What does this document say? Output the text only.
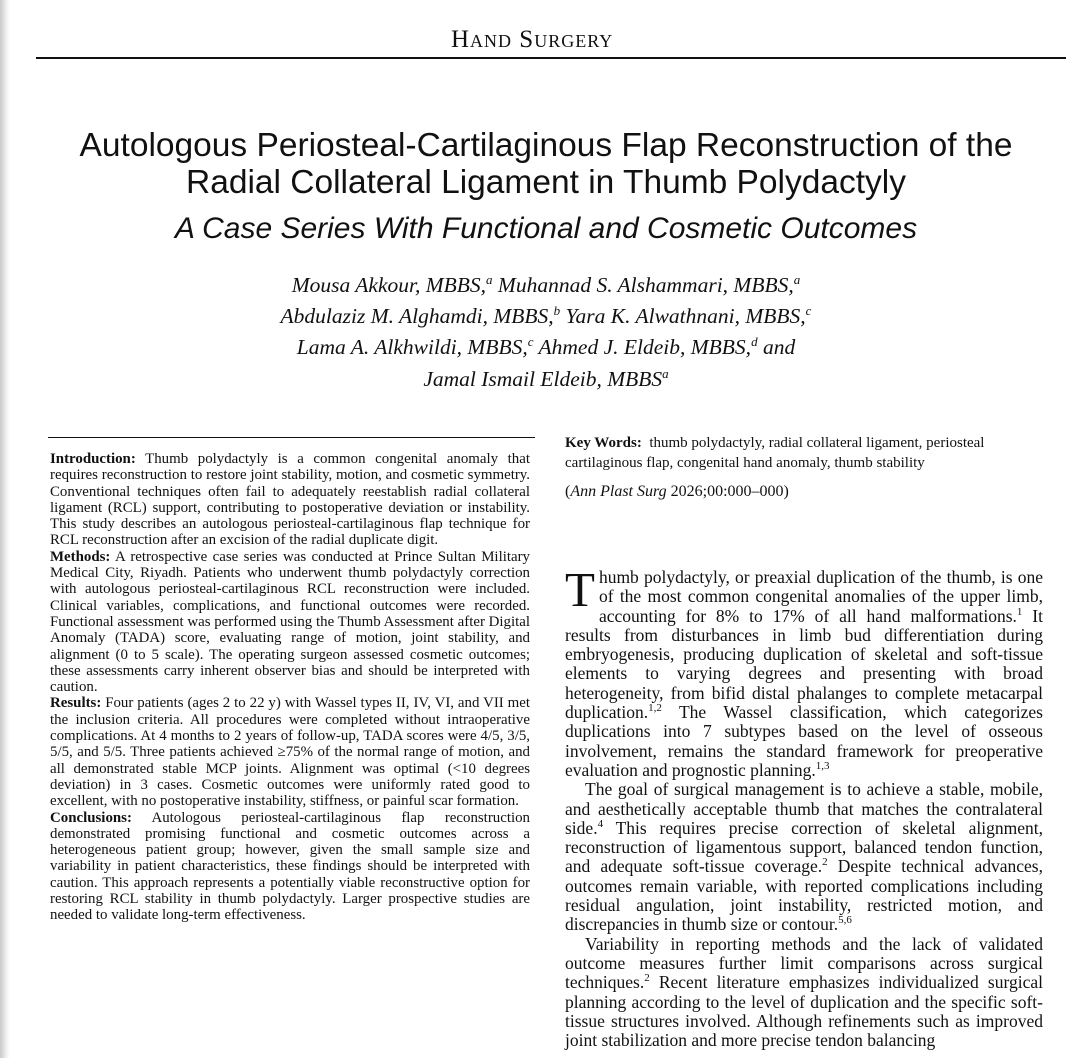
Hand Surgery
Autologous Periosteal-Cartilaginous Flap Reconstruction of the Radial Collateral Ligament in Thumb Polydactyly
A Case Series With Functional and Cosmetic Outcomes
Mousa Akkour, MBBS,$^a$ Muhannad S. Alshammari, MBBS,$^a$
Abdulaziz M. Alghamdi, MBBS,$^b$ Yara K. Alwathnani, MBBS,$^c$
Lama A. Alkhwildi, MBBS,$^c$ Ahmed J. Eldeib, MBBS,$^d$ and
Jamal Ismail Eldeib, MBBS$^a$

Introduction: Thumb polydactyly is a common congenital anomaly that requires reconstruction to restore joint stability, motion, and cosmetic symmetry. Conventional techniques often fail to adequately reestablish radial collateral ligament (RCL) support, contributing to postoperative deviation or instability. This study describes an autologous periosteal-cartilaginous flap technique for RCL reconstruction after an excision of the radial duplicate digit.

Methods: A retrospective case series was conducted at Prince Sultan Military Medical City, Riyadh. Patients who underwent thumb polydactyly correction with autologous periosteal-cartilaginous RCL reconstruction were included. Clinical variables, complications, and functional outcomes were recorded. Functional assessment was performed using the Thumb Assessment after Digital Anomaly (TADA) score, evaluating range of motion, joint stability, and alignment (0 to 5 scale). The operating surgeon assessed cosmetic outcomes; these assessments carry inherent observer bias and should be interpreted with caution.

Results: Four patients (ages 2 to 22 y) with Wassel types II, IV, VI, and VII met the inclusion criteria. All procedures were completed without intraoperative complications. At 4 months to 2 years of follow-up, TADA scores were 4/5, 3/5, 5/5, and 5/5. Three patients achieved ≥75% of the normal range of motion, and all demonstrated stable MCP joints. Alignment was optimal (<10 degrees deviation) in 3 cases. Cosmetic outcomes were uniformly rated good to excellent, with no postoperative instability, stiffness, or painful scar formation.

Conclusions: Autologous periosteal-cartilaginous flap reconstruction demonstrated promising functional and cosmetic outcomes across a heterogeneous patient group; however, given the small sample size and variability in patient characteristics, these findings should be interpreted with caution. This approach represents a potentially viable reconstructive option for restoring RCL stability in thumb polydactyly. Larger prospective studies are needed to validate long-term effectiveness.

Key Words: thumb polydactyly, radial collateral ligament, periosteal cartilaginous flap, congenital hand anomaly, thumb stability
(Ann Plast Surg 2026;00:000–000)

Thumb polydactyly, or preaxial duplication of the thumb, is one of the most common congenital anomalies of the upper limb, accounting for 8% to 17% of all hand malformations.$^1$ It results from disturbances in limb bud differentiation during embryogenesis, producing duplication of skeletal and soft-tissue elements to varying degrees and presenting with broad heterogeneity, from bifid distal phalanges to complete metacarpal duplication.$^{1,2}$ The Wassel classification, which categorizes duplications into 7 subtypes based on the level of osseous involvement, remains the standard framework for preoperative evaluation and prognostic planning.$^{1,3}$

The goal of surgical management is to achieve a stable, mobile, and aesthetically acceptable thumb that matches the contralateral side.$^4$ This requires precise correction of skeletal alignment, reconstruction of ligamentous support, balanced tendon function, and adequate soft-tissue coverage.$^2$ Despite technical advances, outcomes remain variable, with reported complications including residual angulation, joint instability, restricted motion, and discrepancies in thumb size or contour.$^{5,6}$

Variability in reporting methods and the lack of validated outcome measures further limit comparisons across surgical techniques.$^2$ Recent literature emphasizes individualized surgical planning according to the level of duplication and the specific soft-tissue structures involved. Although refinements such as improved joint stabilization and more precise tendon balancing
